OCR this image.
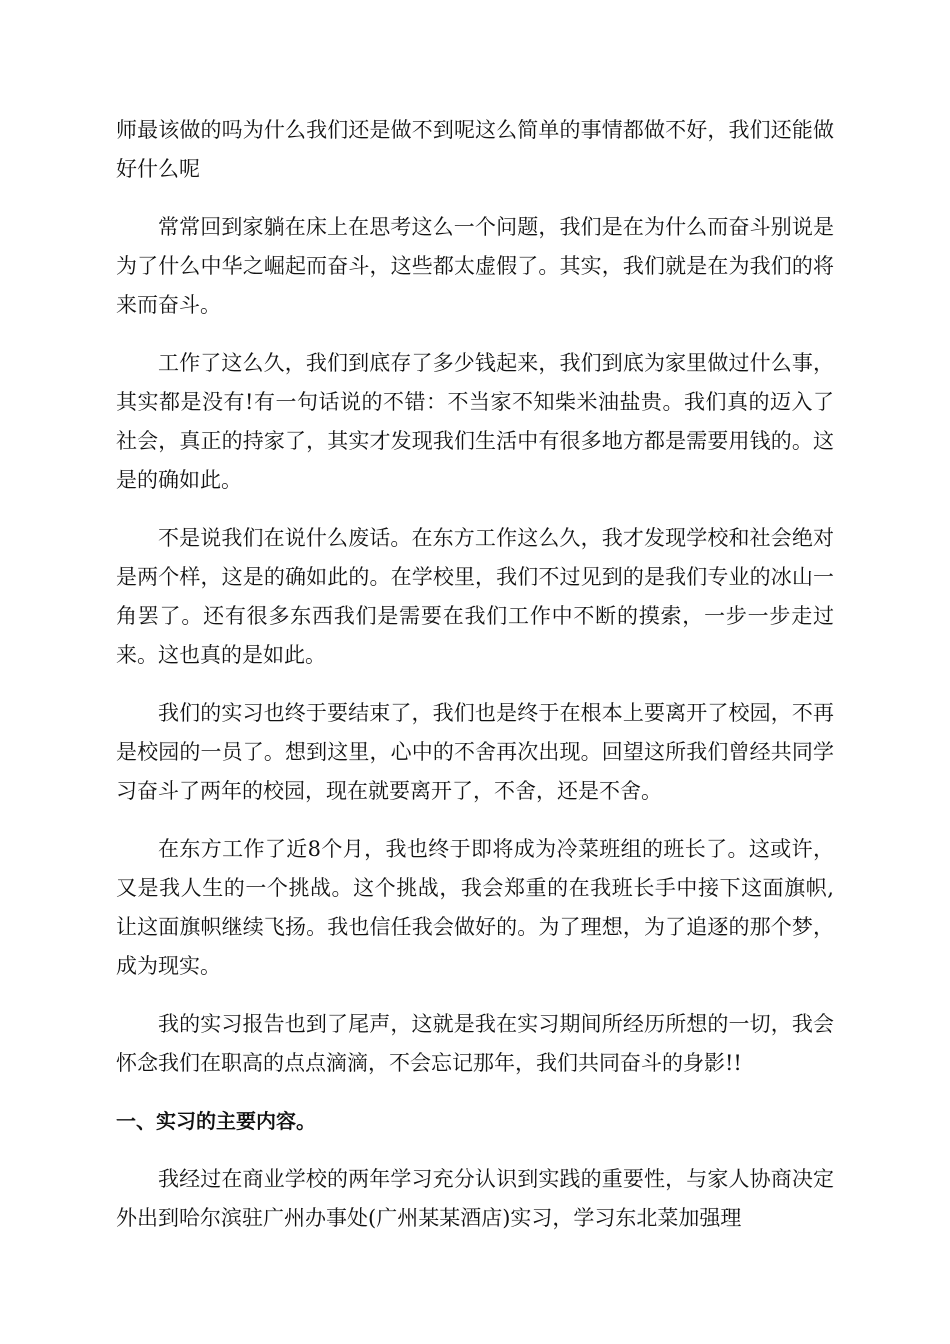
师最该做的吗为什么我们还是做不到呢这么简单的事情都做不好，我们还能做好什么呢

常常回到家躺在床上在思考这么一个问题，我们是在为什么而奋斗别说是为了什么中华之崛起而奋斗，这些都太虚假了。其实，我们就是在为我们的将来而奋斗。

工作了这么久，我们到底存了多少钱起来，我们到底为家里做过什么事，其实都是没有!有一句话说的不错：不当家不知柴米油盐贵。我们真的迈入了社会，真正的持家了，其实才发现我们生活中有很多地方都是需要用钱的。这是的确如此。

不是说我们在说什么废话。在东方工作这么久，我才发现学校和社会绝对是两个样，这是的确如此的。在学校里，我们不过见到的是我们专业的冰山一角罢了。还有很多东西我们是需要在我们工作中不断的摸索，一步一步走过来。这也真的是如此。

我们的实习也终于要结束了，我们也是终于在根本上要离开了校园，不再是校园的一员了。想到这里，心中的不舍再次出现。回望这所我们曾经共同学习奋斗了两年的校园，现在就要离开了，不舍，还是不舍。

在东方工作了近8个月，我也终于即将成为冷菜班组的班长了。这或许，又是我人生的一个挑战。这个挑战，我会郑重的在我班长手中接下这面旗帜,让这面旗帜继续飞扬。我也信任我会做好的。为了理想，为了追逐的那个梦，成为现实。

我的实习报告也到了尾声，这就是我在实习期间所经历所想的一切，我会怀念我们在职高的点点滴滴，不会忘记那年，我们共同奋斗的身影!!

一、实习的主要内容。

我经过在商业学校的两年学习充分认识到实践的重要性，与家人协商决定外出到哈尔滨驻广州办事处(广州某某酒店)实习，学习东北菜加强理
